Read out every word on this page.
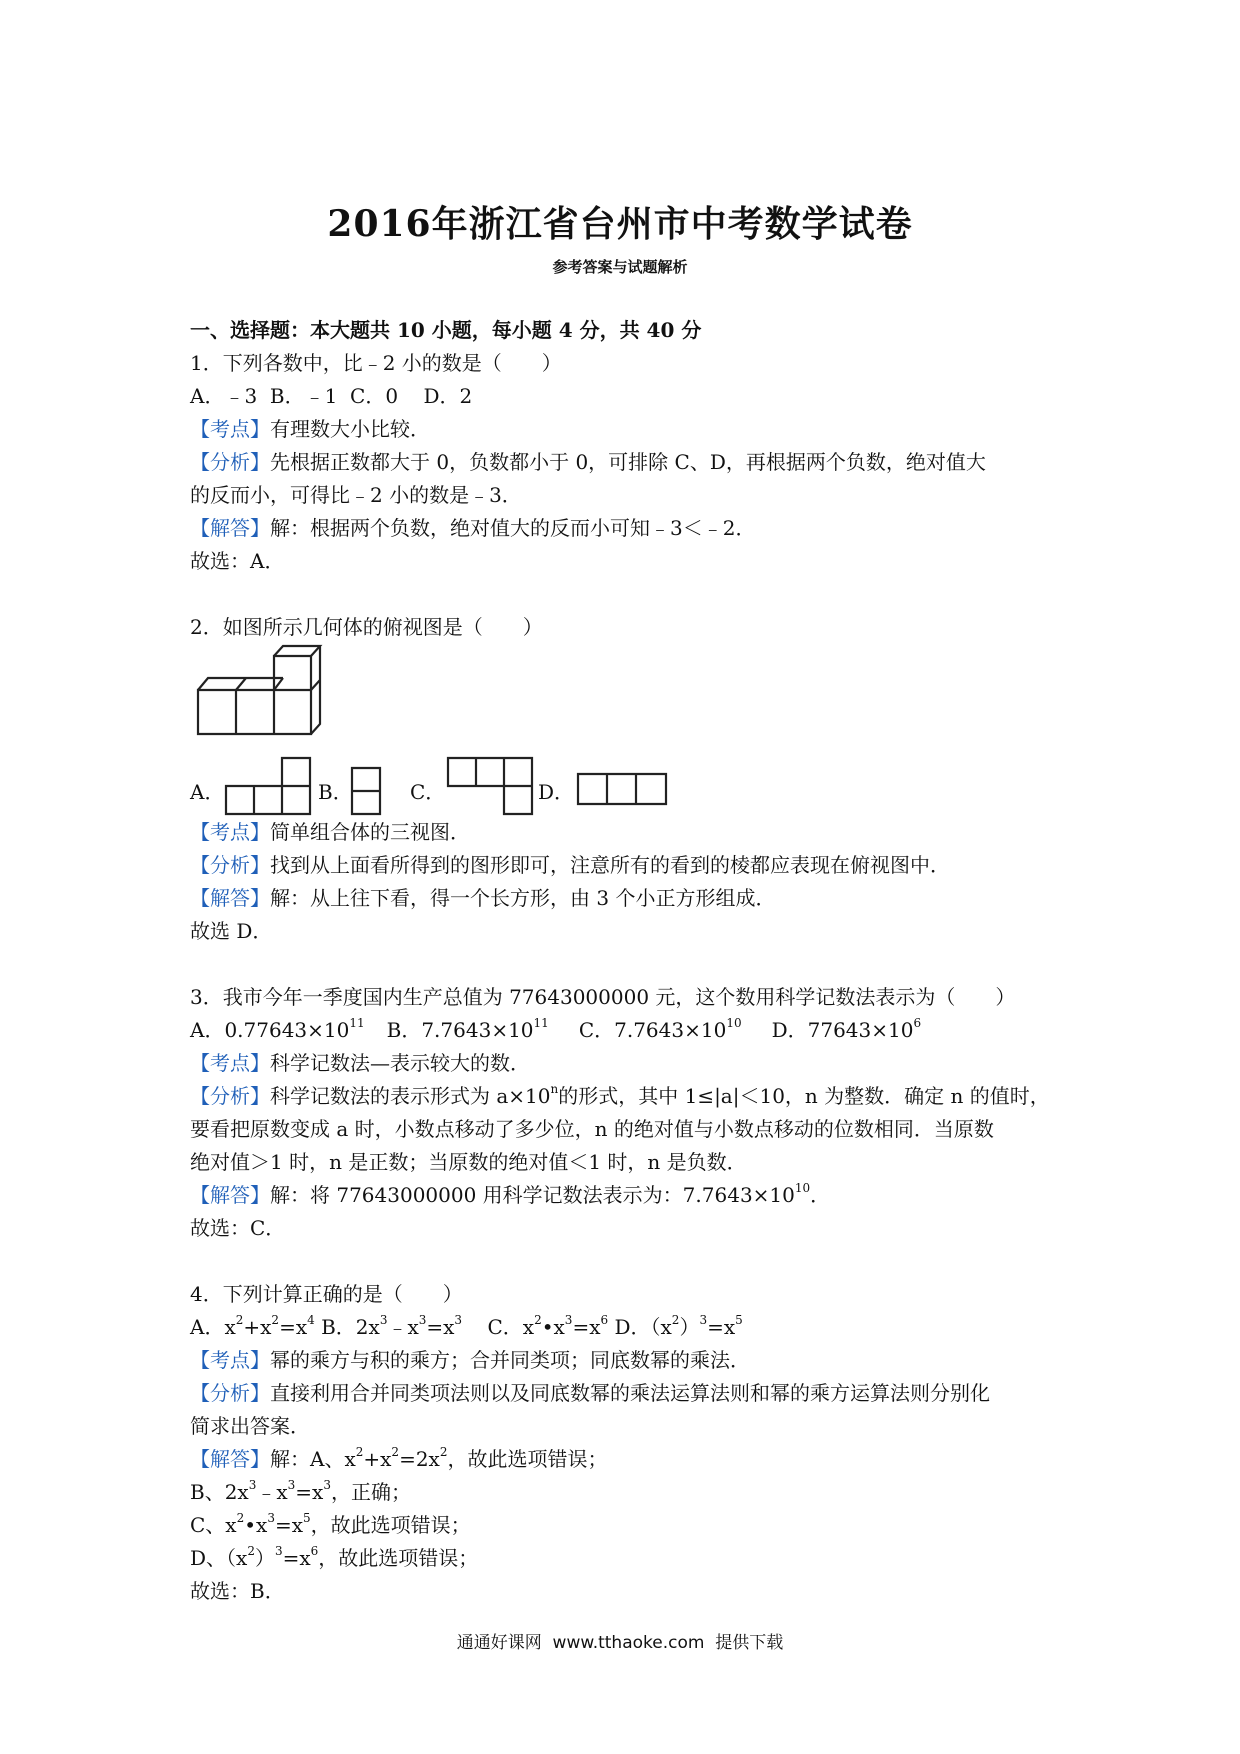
2016年浙江省台州市中考数学试卷
参考答案与试题解析
一、选择题：本大题共 10 小题，每小题 4 分，共 40 分
1．下列各数中，比﹣2 小的数是（　　）
A．﹣3  B．﹣1  C．0    D．2
【考点】有理数大小比较．
【分析】先根据正数都大于 0，负数都小于 0，可排除 C、D，再根据两个负数，绝对值大
的反而小，可得比﹣2 小的数是﹣3．
【解答】解：根据两个负数，绝对值大的反而小可知﹣3＜﹣2．
故选：A．
2．如图所示几何体的俯视图是（　　）
A．	B．	C．	D．
【考点】简单组合体的三视图．
【分析】找到从上面看所得到的图形即可，注意所有的看到的棱都应表现在俯视图中．
【解答】解：从上往下看，得一个长方形，由 3 个小正方形组成．
故选 D．
3．我市今年一季度国内生产总值为 77643000000 元，这个数用科学记数法表示为（　　）
A．$0.77643\times 10^{11}$ B．$7.7643\times 10^{11}$ C．$7.7643\times 10^{10}$ D．$77643\times 10^6$
【考点】科学记数法—表示较大的数．
【分析】科学记数法的表示形式为 $a\times 10^n$的形式，其中 1≤|a|＜10，n 为整数．确定 n 的值时，
要看把原数变成 a 时，小数点移动了多少位，n 的绝对值与小数点移动的位数相同．当原数
绝对值＞1 时，n 是正数；当原数的绝对值＜1 时，n 是负数．
【解答】解：将 77643000000 用科学记数法表示为：$7.7643\times 10^{10}$．
故选：C．
4．下列计算正确的是（　　）
A．$x^2+x^2=x^4$ B．$2x^3﹣x^3=x^3$    C．$x^2•x^3=x^6$ D．$(x^2)^3=x^5$
【考点】幂的乘方与积的乘方；合并同类项；同底数幂的乘法．
【分析】直接利用合并同类项法则以及同底数幂的乘法运算法则和幂的乘方运算法则分别化
简求出答案．
【解答】解：A、$x^2+x^2=2x^2$，故此选项错误；
B、$2x^3﹣x^3=x^3$，正确；
C、$x^2•x^3=x^5$，故此选项错误；
D、$(x^2)^3=x^6$，故此选项错误；
故选：B．
通通好课网  www.tthaoke.com  提供下载
